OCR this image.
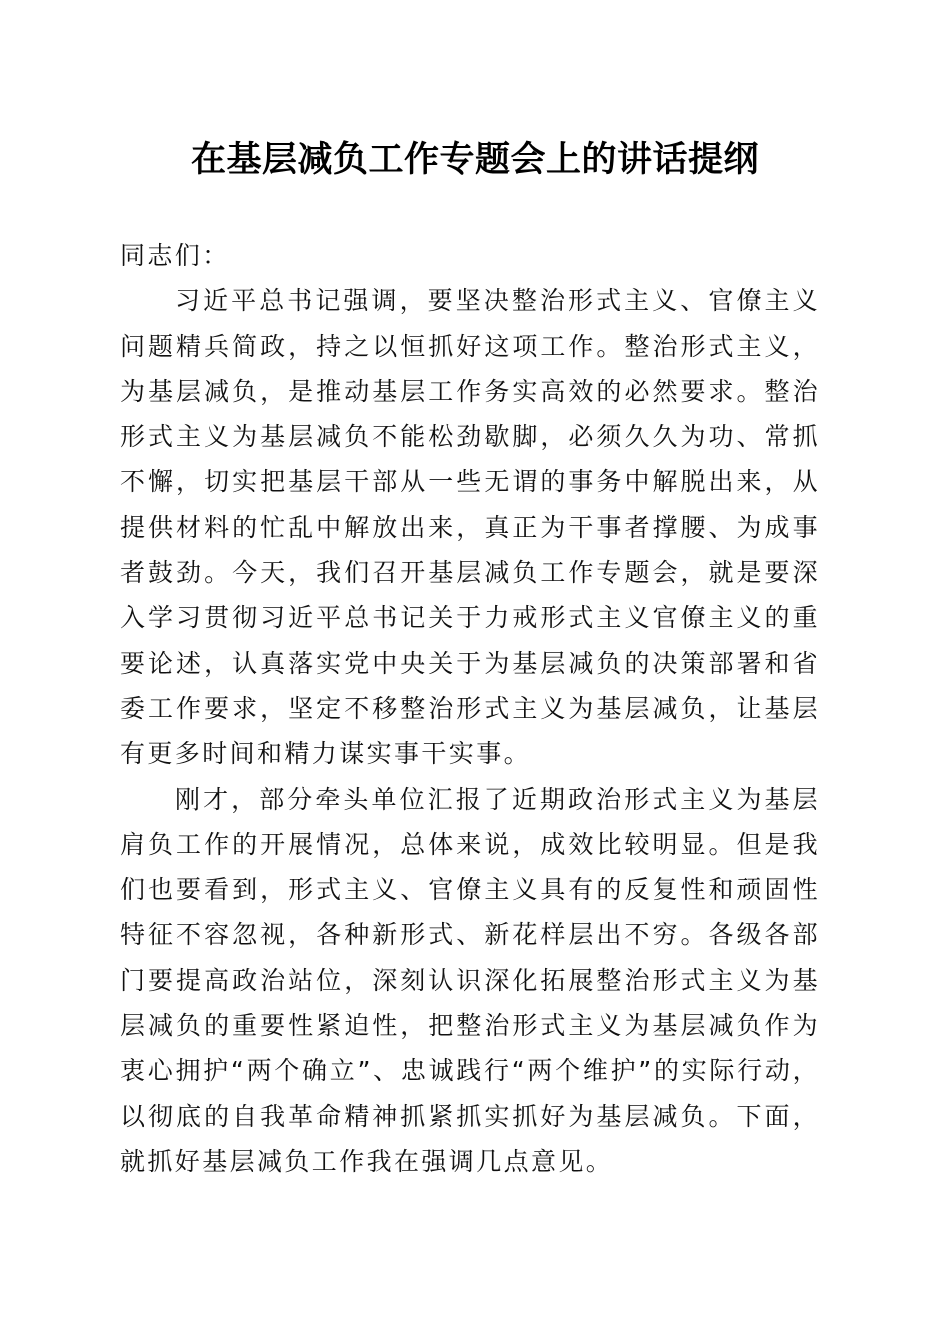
在基层减负工作专题会上的讲话提纲

同志们：

习近平总书记强调，要坚决整治形式主义、官僚主义问题精兵简政，持之以恒抓好这项工作。整治形式主义，为基层减负，是推动基层工作务实高效的必然要求。整治形式主义为基层减负不能松劲歇脚，必须久久为功、常抓不懈，切实把基层干部从一些无谓的事务中解脱出来，从提供材料的忙乱中解放出来，真正为干事者撑腰、为成事者鼓劲。今天，我们召开基层减负工作专题会，就是要深入学习贯彻习近平总书记关于力戒形式主义官僚主义的重要论述，认真落实党中央关于为基层减负的决策部署和省委工作要求，坚定不移整治形式主义为基层减负，让基层有更多时间和精力谋实事干实事。

刚才，部分牵头单位汇报了近期政治形式主义为基层肩负工作的开展情况，总体来说，成效比较明显。但是我们也要看到，形式主义、官僚主义具有的反复性和顽固性特征不容忽视，各种新形式、新花样层出不穷。各级各部门要提高政治站位，深刻认识深化拓展整治形式主义为基层减负的重要性紧迫性，把整治形式主义为基层减负作为衷心拥护“两个确立”、忠诚践行“两个维护”的实际行动，以彻底的自我革命精神抓紧抓实抓好为基层减负。下面，就抓好基层减负工作我在强调几点意见。
